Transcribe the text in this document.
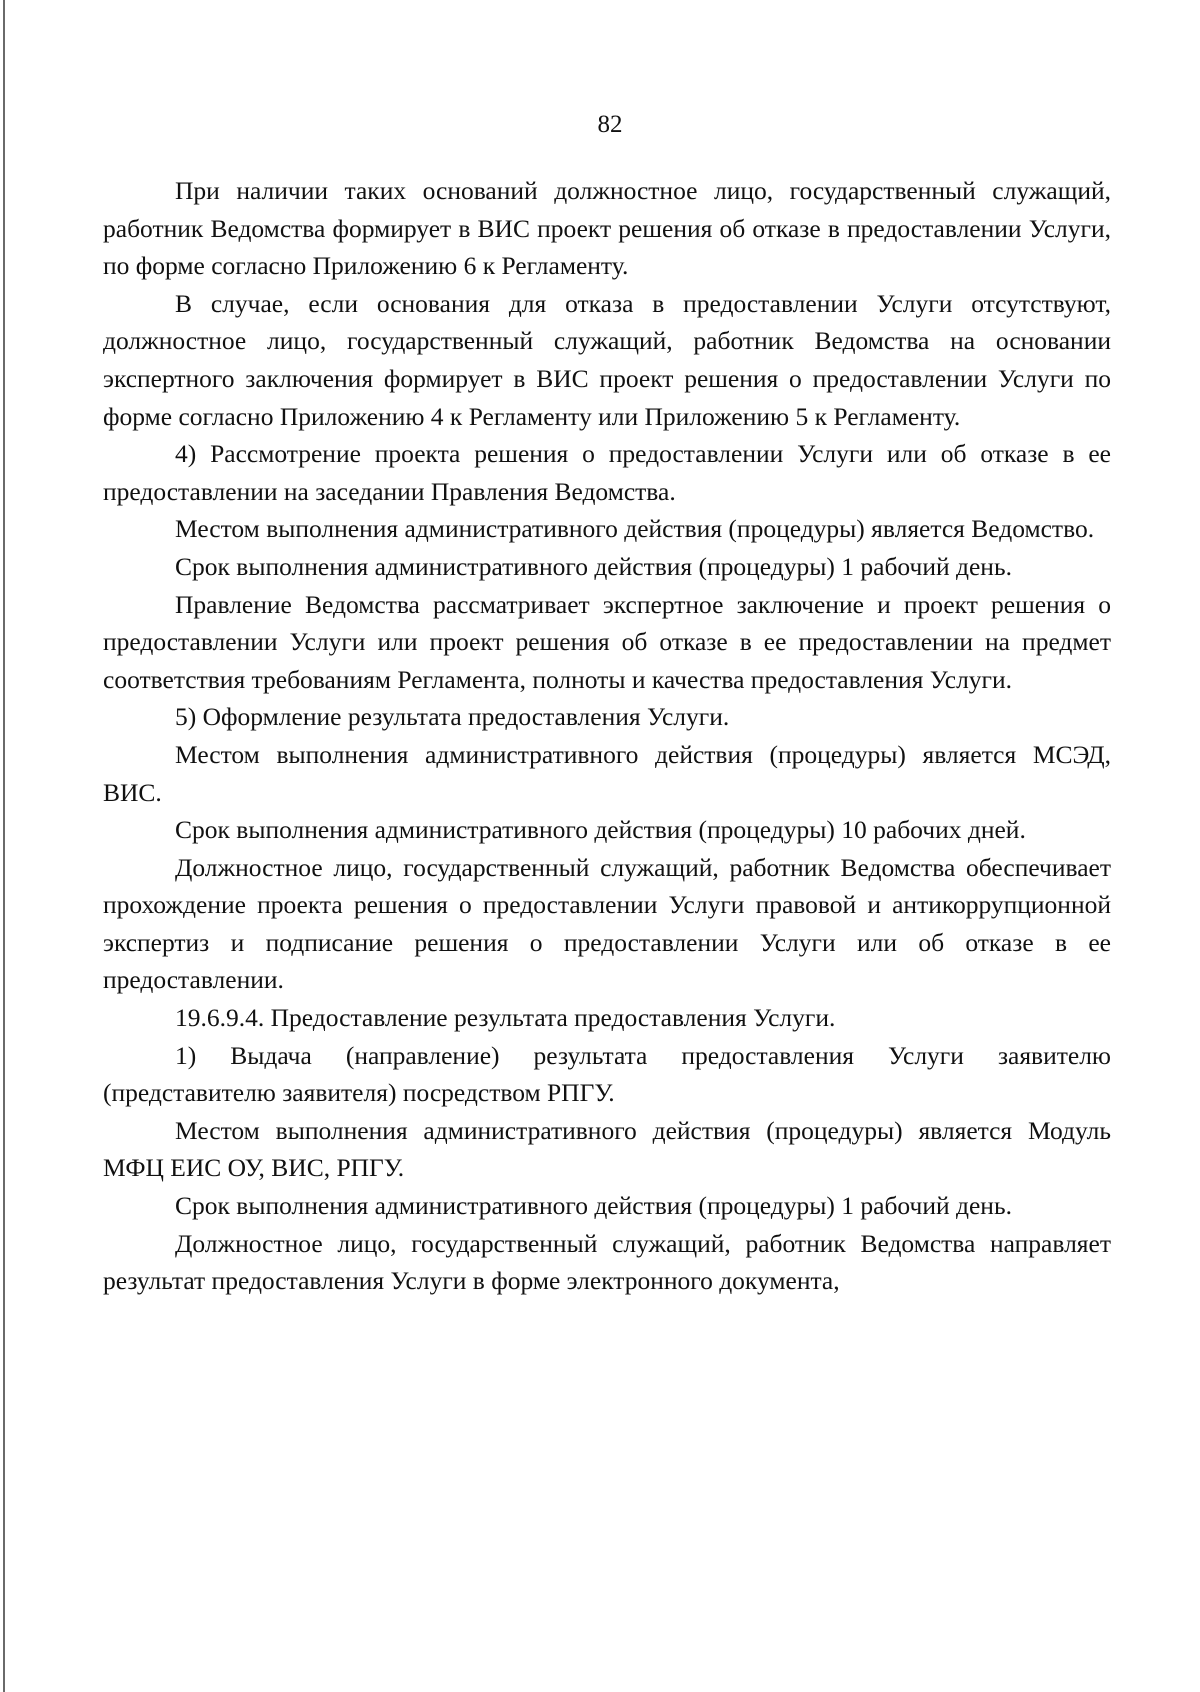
82

При наличии таких оснований должностное лицо, государственный служащий, работник Ведомства формирует в ВИС проект решения об отказе в предоставлении Услуги, по форме согласно Приложению 6 к Регламенту.

В случае, если основания для отказа в предоставлении Услуги отсутствуют, должностное лицо, государственный служащий, работник Ведомства на основании экспертного заключения формирует в ВИС проект решения о предоставлении Услуги по форме согласно Приложению 4 к Регламенту или Приложению 5 к Регламенту.

4) Рассмотрение проекта решения о предоставлении Услуги или об отказе в ее предоставлении на заседании Правления Ведомства.

Местом выполнения административного действия (процедуры) является Ведомство.

Срок выполнения административного действия (процедуры) 1 рабочий день.

Правление Ведомства рассматривает экспертное заключение и проект решения о предоставлении Услуги или проект решения об отказе в ее предоставлении на предмет соответствия требованиям Регламента, полноты и качества предоставления Услуги.

5) Оформление результата предоставления Услуги.

Местом выполнения административного действия (процедуры) является МСЭД, ВИС.

Срок выполнения административного действия (процедуры) 10 рабочих дней.

Должностное лицо, государственный служащий, работник Ведомства обеспечивает прохождение проекта решения о предоставлении Услуги правовой и антикоррупционной экспертиз и подписание решения о предоставлении Услуги или об отказе в ее предоставлении.

19.6.9.4. Предоставление результата предоставления Услуги.

1) Выдача (направление) результата предоставления Услуги заявителю (представителю заявителя) посредством РПГУ.

Местом выполнения административного действия (процедуры) является Модуль МФЦ ЕИС ОУ, ВИС, РПГУ.

Срок выполнения административного действия (процедуры) 1 рабочий день.

Должностное лицо, государственный служащий, работник Ведомства направляет результат предоставления Услуги в форме электронного документа,
